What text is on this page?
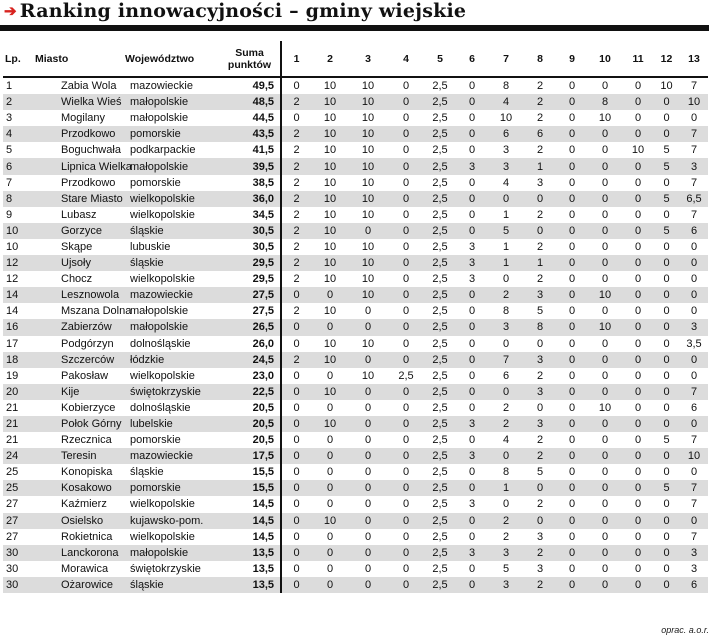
➔ Ranking innowacyjności – gminy wiejskie
Lp.	Miasto	Województwo	Suma punktów	1	2	3	4	5	6	7	8	9	10	11	12	13
1	Zabia Wola	mazowieckie	49,5	0	10	10	0	2,5	0	8	2	0	0	0	10	7
2	Wielka Wieś	małopolskie	48,5	2	10	10	0	2,5	0	4	2	0	8	0	0	10
3	Mogilany	małopolskie	44,5	0	10	10	0	2,5	0	10	2	0	10	0	0	0
4	Przodkowo	pomorskie	43,5	2	10	10	0	2,5	0	6	6	0	0	0	0	7
5	Boguchwała	podkarpackie	41,5	2	10	10	0	2,5	0	3	2	0	0	10	5	7
6	Lipnica Wielka	małopolskie	39,5	2	10	10	0	2,5	3	3	1	0	0	0	5	3
7	Przodkowo	pomorskie	38,5	2	10	10	0	2,5	0	4	3	0	0	0	0	7
8	Stare Miasto	wielkopolskie	36,0	2	10	10	0	2,5	0	0	0	0	0	0	5	6,5
9	Lubasz	wielkopolskie	34,5	2	10	10	0	2,5	0	1	2	0	0	0	0	7
10	Gorzyce	śląskie	30,5	2	10	0	0	2,5	0	5	0	0	0	0	5	6
10	Skąpe	lubuskie	30,5	2	10	10	0	2,5	3	1	2	0	0	0	0	0
12	Ujsoły	śląskie	29,5	2	10	10	0	2,5	3	1	1	0	0	0	0	0
12	Chocz	wielkopolskie	29,5	2	10	10	0	2,5	3	0	2	0	0	0	0	0
14	Lesznowola	mazowieckie	27,5	0	0	10	0	2,5	0	2	3	0	10	0	0	0
14	Mszana Dolna	małopolskie	27,5	2	10	0	0	2,5	0	8	5	0	0	0	0	0
16	Zabierzów	małopolskie	26,5	0	0	0	0	2,5	0	3	8	0	10	0	0	3
17	Podgórzyn	dolnośląskie	26,0	0	10	10	0	2,5	0	0	0	0	0	0	0	3,5
18	Szczerców	łódzkie	24,5	2	10	0	0	2,5	0	7	3	0	0	0	0	0
19	Pakosław	wielkopolskie	23,0	0	0	10	2,5	2,5	0	6	2	0	0	0	0	0
20	Kije	świętokrzyskie	22,5	0	10	0	0	2,5	0	0	3	0	0	0	0	7
21	Kobierzyce	dolnośląskie	20,5	0	0	0	0	2,5	0	2	0	0	10	0	0	6
21	Połok Górny	lubelskie	20,5	0	10	0	0	2,5	3	2	3	0	0	0	0	0
21	Rzecznica	pomorskie	20,5	0	0	0	0	2,5	0	4	2	0	0	0	5	7
24	Teresin	mazowieckie	17,5	0	0	0	0	2,5	3	0	2	0	0	0	0	10
25	Konopiska	śląskie	15,5	0	0	0	0	2,5	0	8	5	0	0	0	0	0
25	Kosakowo	pomorskie	15,5	0	0	0	0	2,5	0	1	0	0	0	0	5	7
27	Kaźmierz	wielkopolskie	14,5	0	0	0	0	2,5	3	0	2	0	0	0	0	7
27	Osielsko	kujawsko-pom.	14,5	0	10	0	0	2,5	0	2	0	0	0	0	0	0
27	Rokietnica	wielkopolskie	14,5	0	0	0	0	2,5	0	2	3	0	0	0	0	7
30	Lanckorona	małopolskie	13,5	0	0	0	0	2,5	3	3	2	0	0	0	0	3
30	Morawica	świętokrzyskie	13,5	0	0	0	0	2,5	0	5	3	0	0	0	0	3
30	Ożarowice	śląskie	13,5	0	0	0	0	2,5	0	3	2	0	0	0	0	6
oprac. a.o.r.
